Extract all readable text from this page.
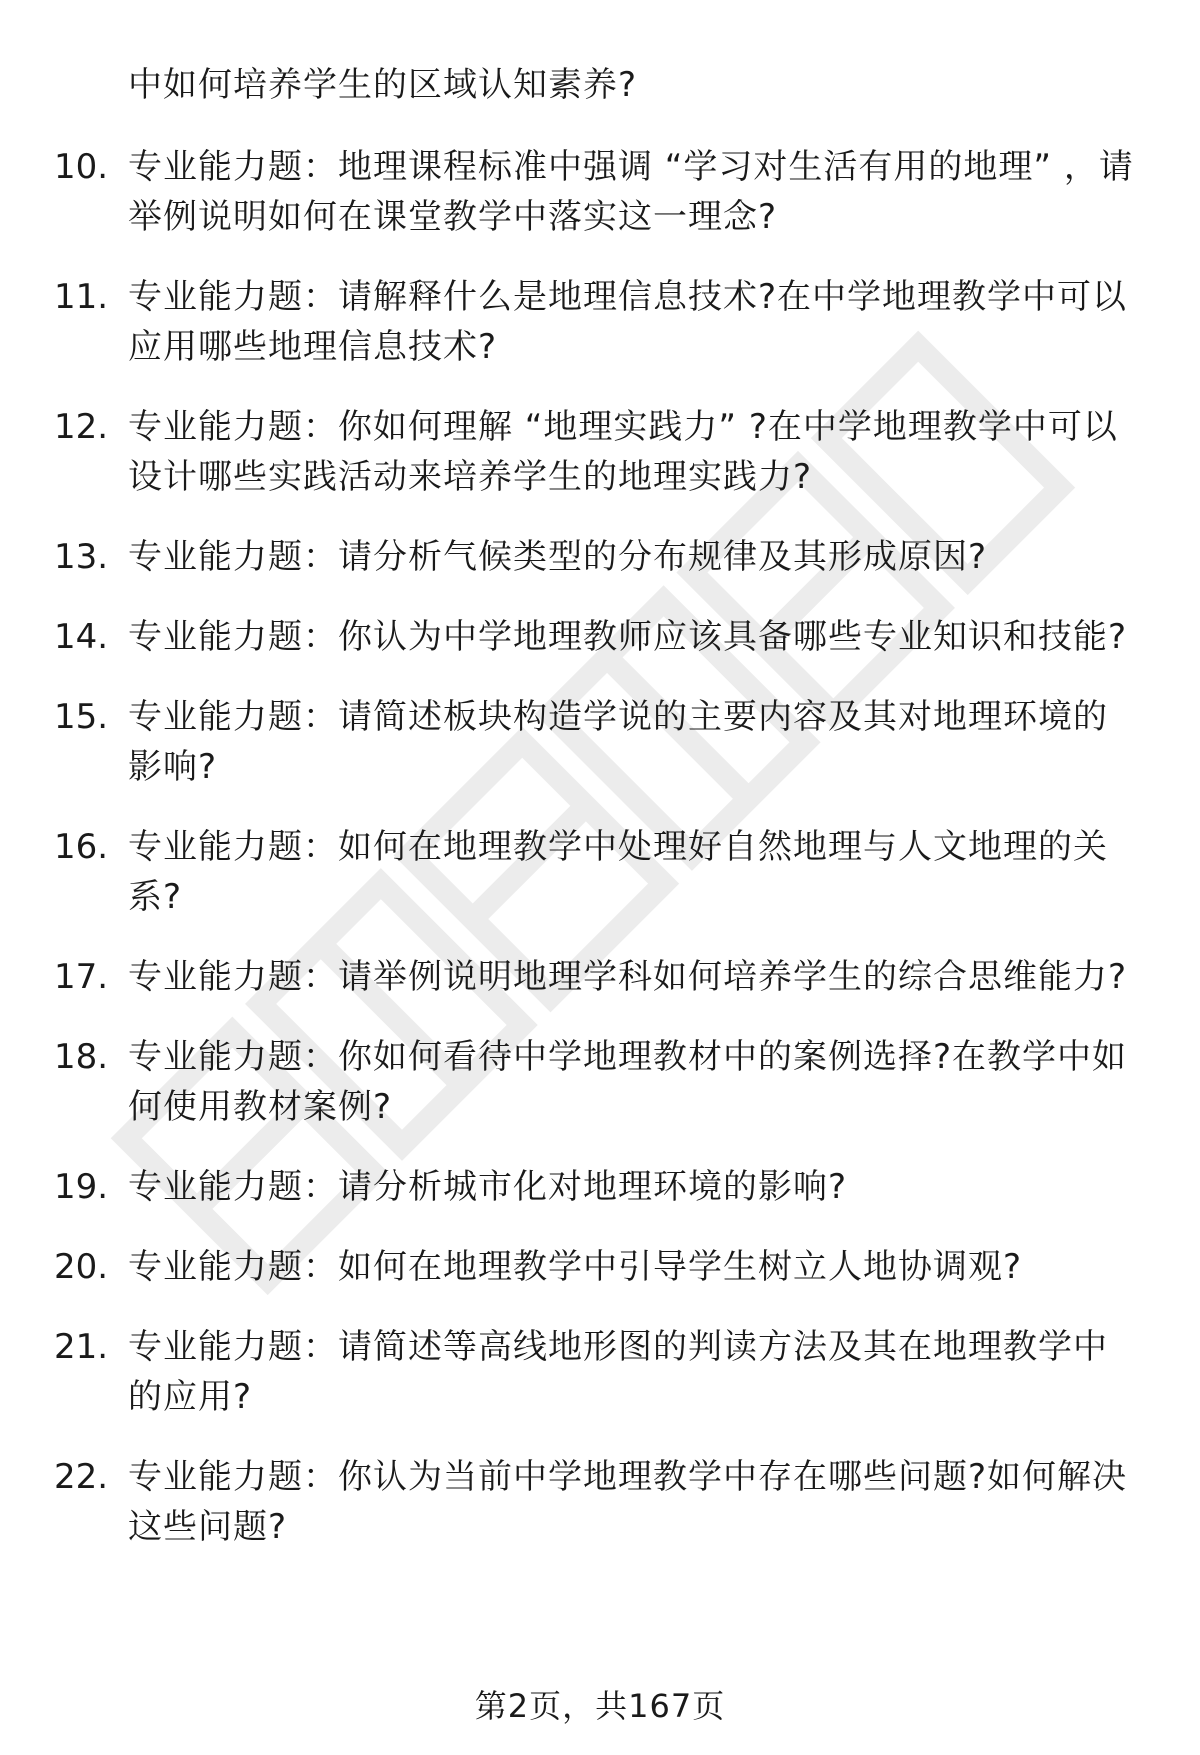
中如何培养学生的区域认知素养?
10. 专业能力题：地理课程标准中强调 “学习对生活有用的地理” ，请举例说明如何在课堂教学中落实这一理念?
11. 专业能力题：请解释什么是地理信息技术?在中学地理教学中可以应用哪些地理信息技术?
12. 专业能力题：你如何理解 “地理实践力” ?在中学地理教学中可以设计哪些实践活动来培养学生的地理实践力?
13. 专业能力题：请分析气候类型的分布规律及其形成原因?
14. 专业能力题：你认为中学地理教师应该具备哪些专业知识和技能?
15. 专业能力题：请简述板块构造学说的主要内容及其对地理环境的影响?
16. 专业能力题：如何在地理教学中处理好自然地理与人文地理的关系?
17. 专业能力题：请举例说明地理学科如何培养学生的综合思维能力?
18. 专业能力题：你如何看待中学地理教材中的案例选择?在教学中如何使用教材案例?
19. 专业能力题：请分析城市化对地理环境的影响?
20. 专业能力题：如何在地理教学中引导学生树立人地协调观?
21. 专业能力题：请简述等高线地形图的判读方法及其在地理教学中的应用?
22. 专业能力题：你认为当前中学地理教学中存在哪些问题?如何解决这些问题?
第2页，共167页
